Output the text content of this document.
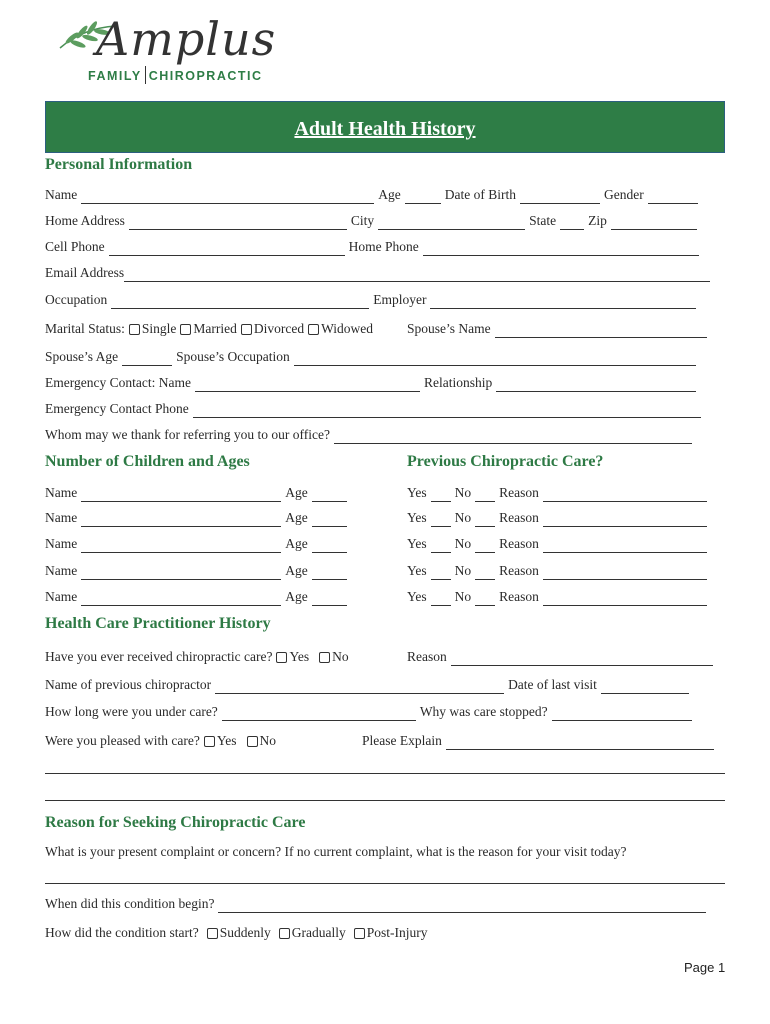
Amplus
FAMILY CHIROPRACTIC
Adult Health History
Personal Information
Name	Age	Date of Birth	Gender
Home Address	City	State Zip
Cell Phone	Home Phone
Email Address
Occupation	Employer
Marital Status: Single Married Divorced Widowed	Spouse’s Name
Spouse’s Age	Spouse’s Occupation
Emergency Contact: Name	Relationship
Emergency Contact Phone
Whom may we thank for referring you to our office?
Number of Children and Ages	Previous Chiropractic Care?
Name	Age	Yes No Reason
Name	Age	Yes No Reason
Name	Age	Yes No Reason
Name	Age	Yes No Reason
Name	Age	Yes No Reason
Health Care Practitioner History
Have you ever received chiropractic care? Yes No	Reason
Name of previous chiropractor	Date of last visit
How long were you under care?	Why was care stopped?
Were you pleased with care? Yes No	Please Explain
Reason for Seeking Chiropractic Care
What is your present complaint or concern? If no current complaint, what is the reason for your visit today?
When did this condition begin?
How did the condition start? Suddenly Gradually Post-Injury
Page 1
